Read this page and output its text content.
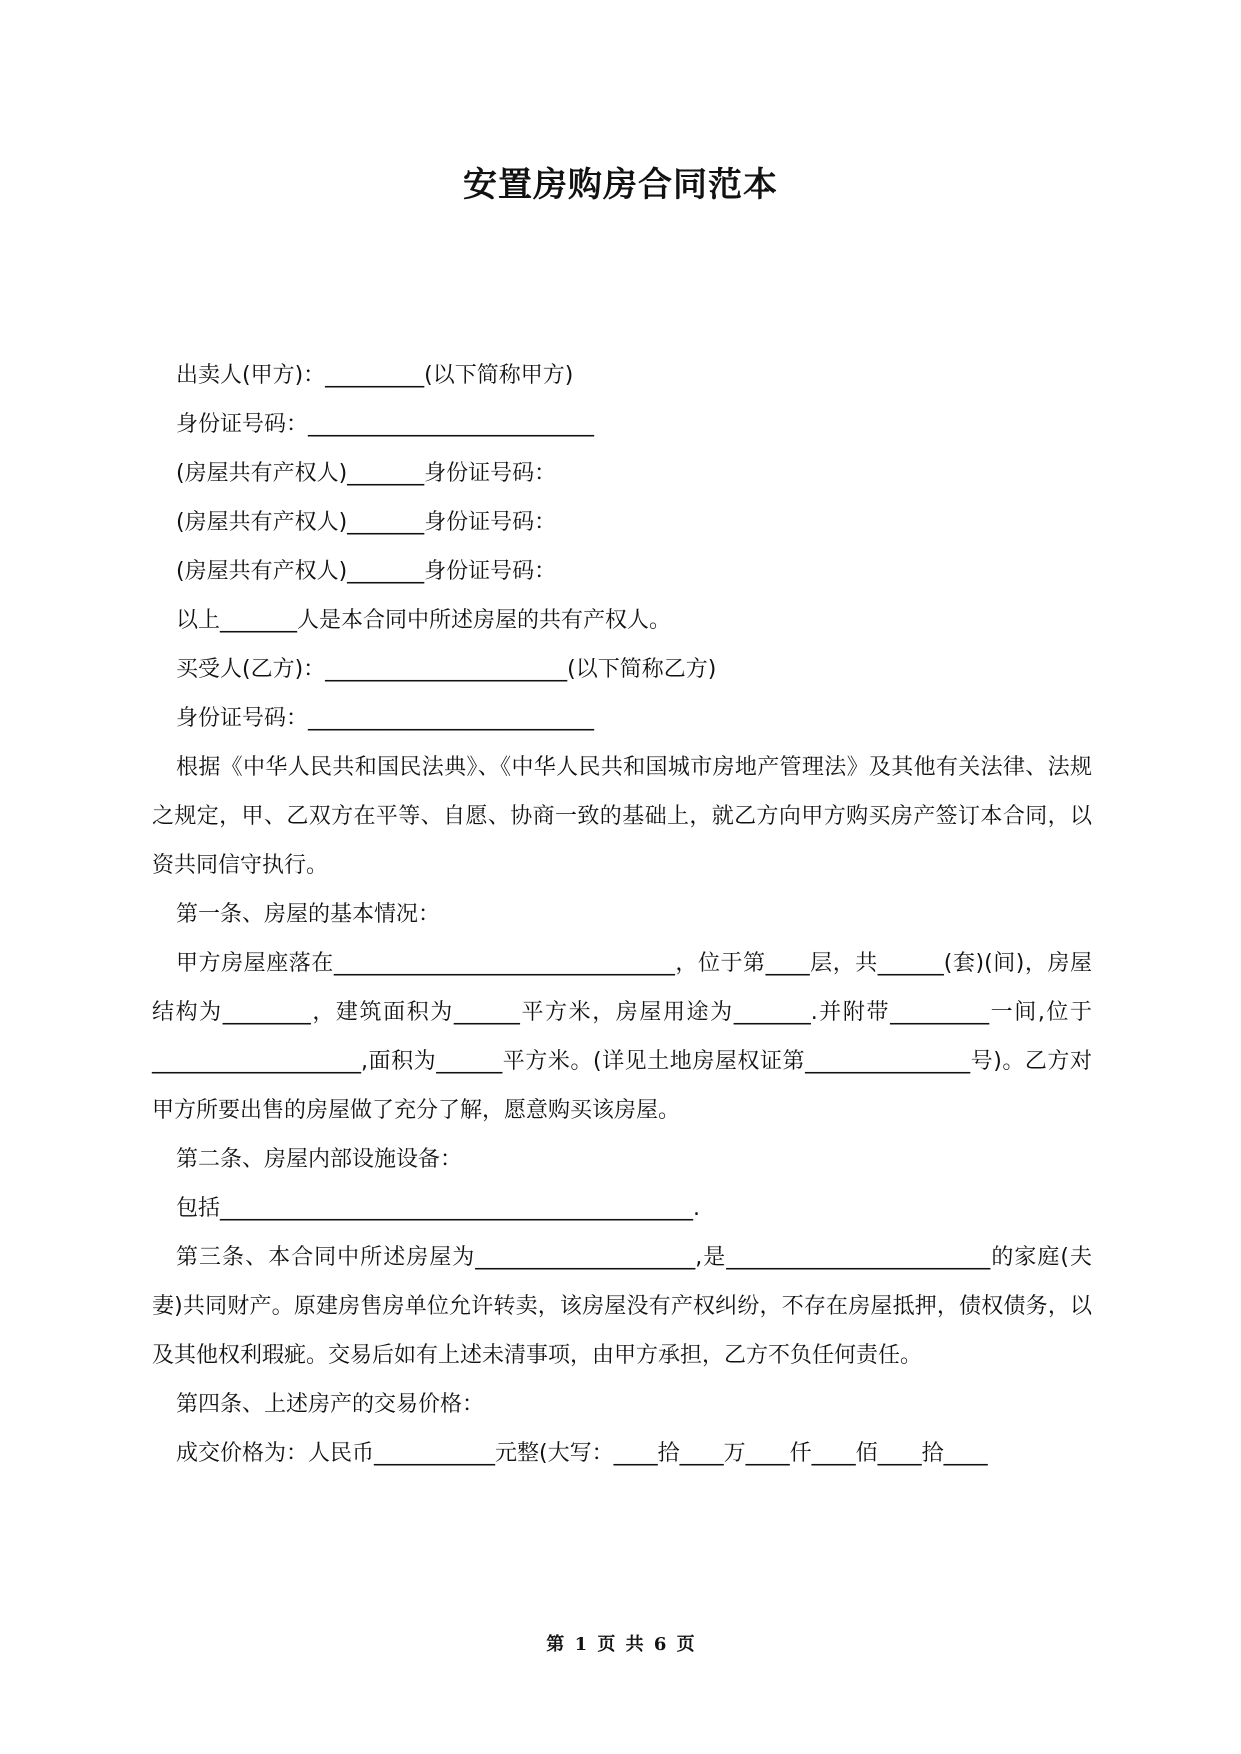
安置房购房合同范本

出卖人(甲方)：_________(以下简称甲方)

身份证号码：__________________________

(房屋共有产权人)_______身份证号码：

(房屋共有产权人)_______身份证号码：

(房屋共有产权人)_______身份证号码：

以上_______人是本合同中所述房屋的共有产权人。

买受人(乙方)：______________________(以下简称乙方)

身份证号码：__________________________

根据《中华人民共和国民法典》、《中华人民共和国城市房地产管理法》及其他有关法律、法规之规定，甲、乙双方在平等、自愿、协商一致的基础上，就乙方向甲方购买房产签订本合同，以资共同信守执行。

第一条、房屋的基本情况：

甲方房屋座落在_______________________________，位于第____层，共______(套)(间)，房屋结构为________，建筑面积为______平方米，房屋用途为_______.并附带_________一间,位于___________________,面积为______平方米。(详见土地房屋权证第_______________号)。乙方对甲方所要出售的房屋做了充分了解，愿意购买该房屋。

第二条、房屋内部设施设备：

包括___________________________________________.

第三条、本合同中所述房屋为____________________,是________________________的家庭(夫妻)共同财产。原建房售房单位允许转卖，该房屋没有产权纠纷，不存在房屋抵押，债权债务，以及其他权利瑕疵。交易后如有上述未清事项，由甲方承担，乙方不负任何责任。

第四条、上述房产的交易价格：

成交价格为：人民币___________元整(大写：____拾____万____仟____佰____拾____

第 1 页 共 6 页
